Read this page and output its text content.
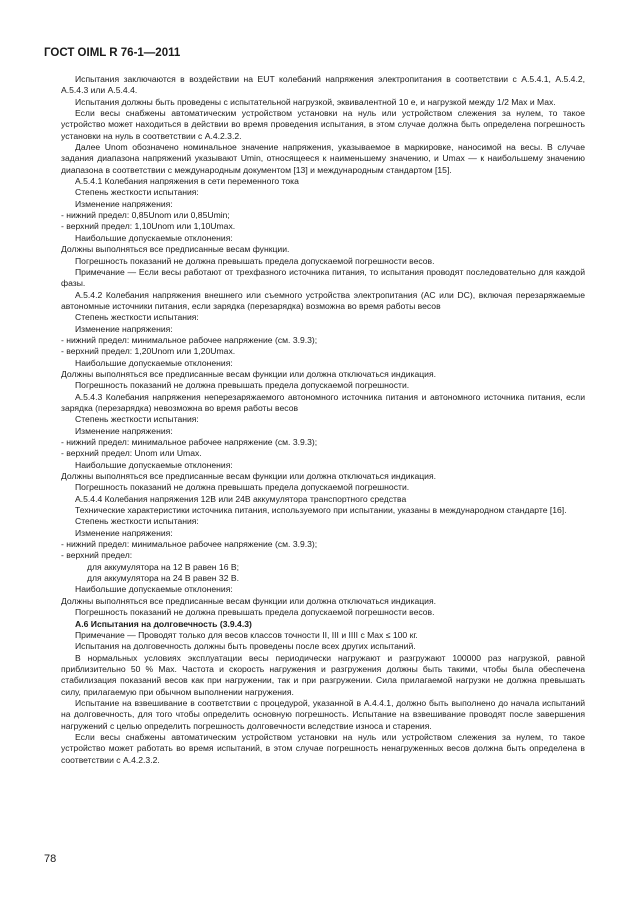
ГОСТ OIML R 76-1—2011

Испытания заключаются в воздействии на EUT колебаний напряжения электропитания в соответствии с А.5.4.1, А.5.4.2, А.5.4.3 или А.5.4.4.

Испытания должны быть проведены с испытательной нагрузкой, эквивалентной 10 e, и нагрузкой между 1/2 Max и Max.

Если весы снабжены автоматическим устройством установки на нуль или устройством слежения за нулем, то такое устройство может находиться в действии во время проведения испытания, в этом случае должна быть определена погрешность установки на нуль в соответствии с А.4.2.3.2.

Далее Unom обозначено номинальное значение напряжения, указываемое в маркировке, наносимой на весы. В случае задания диапазона напряжений указывают Umin, относящееся к наименьшему значению, и Umax — к наибольшему значению диапазона в соответствии с международным документом [13] и международным стандартом [15].

А.5.4.1 Колебания напряжения в сети переменного тока

Степень жесткости испытания:

Изменение напряжения:

- нижний предел: 0,85Unom или 0,85Umin;

- верхний предел: 1,10Unom или 1,10Umax.

Наибольшие допускаемые отклонения:

Должны выполняться все предписанные весам функции.

Погрешность показаний не должна превышать предела допускаемой погрешности весов.

Примечание — Если весы работают от трехфазного источника питания, то испытания проводят последовательно для каждой фазы.

А.5.4.2 Колебания напряжения внешнего или съемного устройства электропитания (АС или DC), включая перезаряжаемые автономные источники питания, если зарядка (перезарядка) возможна во время работы весов

Степень жесткости испытания:

Изменение напряжения:

- нижний предел: минимальное рабочее напряжение (см. 3.9.3);

- верхний предел: 1,20Unom или 1,20Umax.

Наибольшие допускаемые отклонения:

Должны выполняться все предписанные весам функции или должна отключаться индикация.

Погрешность показаний не должна превышать предела допускаемой погрешности.

А.5.4.3 Колебания напряжения неперезаряжаемого автономного источника питания и автономного источника питания, если зарядка (перезарядка) невозможна во время работы весов

Степень жесткости испытания:

Изменение напряжения:

- нижний предел: минимальное рабочее напряжение (см. 3.9.3);

- верхний предел: Unom или Umax.

Наибольшие допускаемые отклонения:

Должны выполняться все предписанные весам функции или должна отключаться индикация.

Погрешность показаний не должна превышать предела допускаемой погрешности.

А.5.4.4 Колебания напряжения 12В или 24В аккумулятора транспортного средства

Технические характеристики источника питания, используемого при испытании, указаны в международном стандарте [16].

Степень жесткости испытания:

Изменение напряжения:

- нижний предел: минимальное рабочее напряжение (см. 3.9.3);

- верхний предел:

для аккумулятора на 12 В равен 16 В;

для аккумулятора на 24 В равен 32 В.

Наибольшие допускаемые отклонения:

Должны выполняться все предписанные весам функции или должна отключаться индикация.

Погрешность показаний не должна превышать предела допускаемой погрешности весов.

А.6 Испытания на долговечность (3.9.4.3)

Примечание — Проводят только для весов классов точности II, III и IIII с Max ≤ 100 кг.

Испытания на долговечность должны быть проведены после всех других испытаний.

В нормальных условиях эксплуатации весы периодически нагружают и разгружают 100000 раз нагрузкой, равной приблизительно 50 % Max. Частота и скорость нагружения и разгружения должны быть такими, чтобы была обеспечена стабилизация показаний весов как при нагружении, так и при разгружении. Сила прилагаемой нагрузки не должна превышать силу, прилагаемую при обычном выполнении нагружения.

Испытание на взвешивание в соответствии с процедурой, указанной в А.4.4.1, должно быть выполнено до начала испытаний на долговечность, для того чтобы определить основную погрешность. Испытание на взвешивание проводят после завершения нагружений с целью определить погрешность долговечности вследствие износа и старения.

Если весы снабжены автоматическим устройством установки на нуль или устройством слежения за нулем, то такое устройство может работать во время испытаний, в этом случае погрешность ненагруженных весов должна быть определена в соответствии с А.4.2.3.2.

78
